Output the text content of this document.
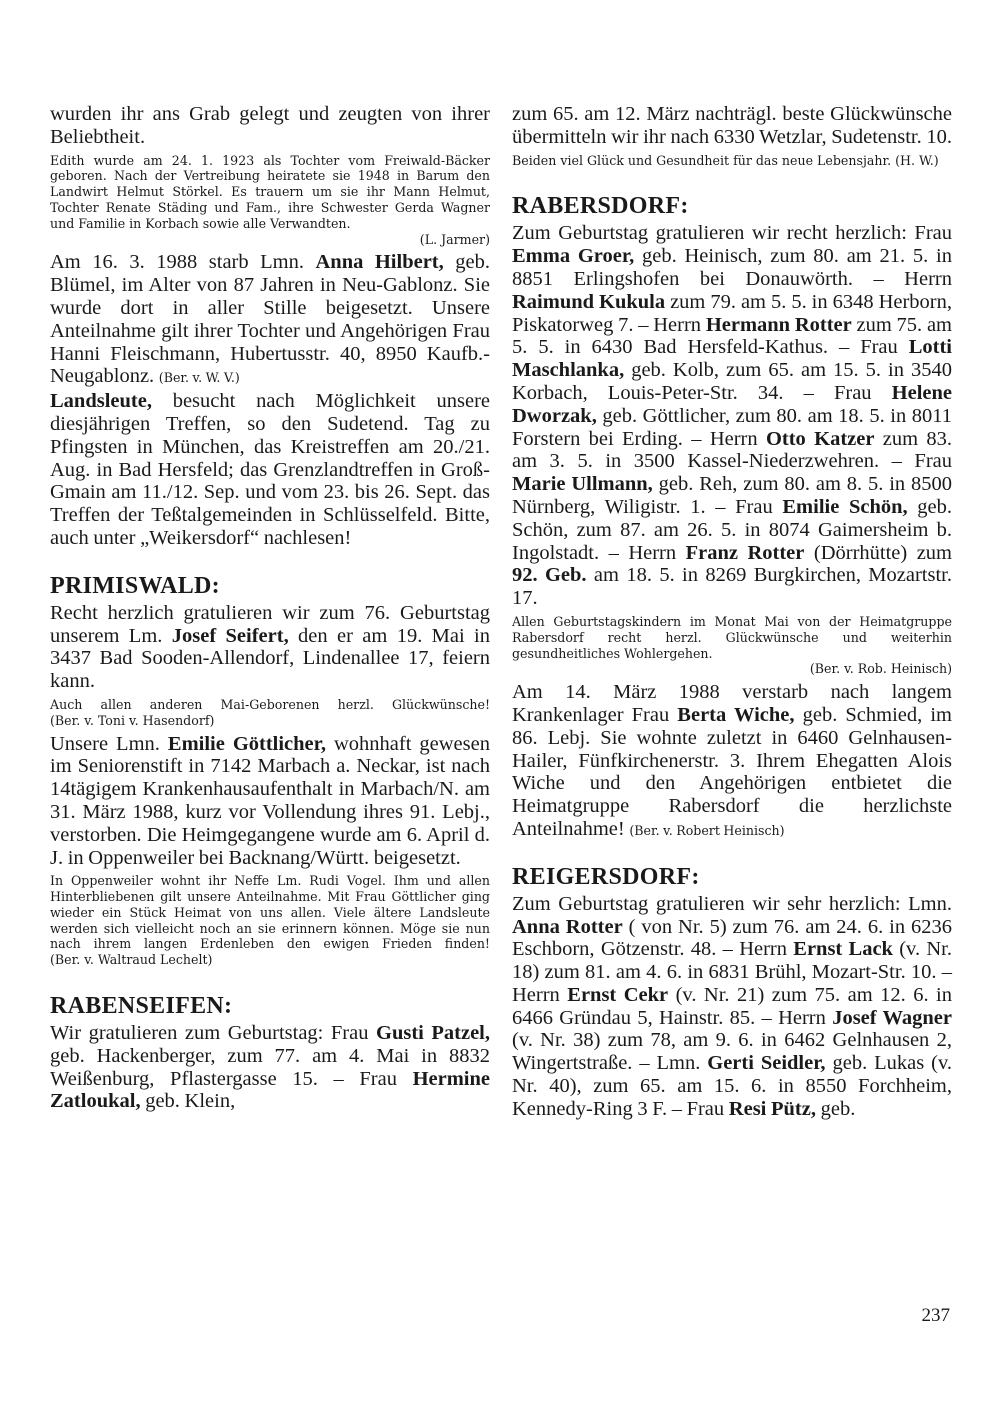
wurden ihr ans Grab gelegt und zeugten von ihrer Beliebtheit.

Edith wurde am 24. 1. 1923 als Tochter vom Freiwald-Bäcker geboren. Nach der Vertreibung heiratete sie 1948 in Barum den Landwirt Helmut Störkel. Es trauern um sie ihr Mann Helmut, Tochter Renate Städing und Fam., ihre Schwester Gerda Wagner und Familie in Korbach sowie alle Verwandten.
(L. Jarmer)

Am 16. 3. 1988 starb Lmn. Anna Hilbert, geb. Blümel, im Alter von 87 Jahren in Neu-Gablonz. Sie wurde dort in aller Stille beigesetzt. Unsere Anteilnahme gilt ihrer Tochter und Angehörigen Frau Hanni Fleischmann, Hubertusstr. 40, 8950 Kaufb.-Neugablonz. (Ber. v. W. V.)

Landsleute, besucht nach Möglichkeit unsere diesjährigen Treffen, so den Sudetend. Tag zu Pfingsten in München, das Kreistreffen am 20./21. Aug. in Bad Hersfeld; das Grenzlandtreffen in Groß-Gmain am 11./12. Sep. und vom 23. bis 26. Sept. das Treffen der Teßtalgemeinden in Schlüsselfeld. Bitte, auch unter „Weikersdorf“ nachlesen!

PRIMISWALD:

Recht herzlich gratulieren wir zum 76. Geburtstag unserem Lm. Josef Seifert, den er am 19. Mai in 3437 Bad Sooden-Allendorf, Lindenallee 17, feiern kann.

Auch allen anderen Mai-Geborenen herzl. Glückwünsche! (Ber. v. Toni v. Hasendorf)

Unsere Lmn. Emilie Göttlicher, wohnhaft gewesen im Seniorenstift in 7142 Marbach a. Neckar, ist nach 14tägigem Krankenhausaufenthalt in Marbach/N. am 31. März 1988, kurz vor Vollendung ihres 91. Lebj., verstorben. Die Heimgegangene wurde am 6. April d. J. in Oppenweiler bei Backnang/Württ. beigesetzt.

In Oppenweiler wohnt ihr Neffe Lm. Rudi Vogel. Ihm und allen Hinterbliebenen gilt unsere Anteilnahme. Mit Frau Göttlicher ging wieder ein Stück Heimat von uns allen. Viele ältere Landsleute werden sich vielleicht noch an sie erinnern können. Möge sie nun nach ihrem langen Erdenleben den ewigen Frieden finden! (Ber. v. Waltraud Lechelt)

RABENSEIFEN:

Wir gratulieren zum Geburtstag: Frau Gusti Patzel, geb. Hackenberger, zum 77. am 4. Mai in 8832 Weißenburg, Pflastergasse 15. – Frau Hermine Zatloukal, geb. Klein,

zum 65. am 12. März nachträgl. beste Glückwünsche übermitteln wir ihr nach 6330 Wetzlar, Sudetenstr. 10.

Beiden viel Glück und Gesundheit für das neue Lebensjahr. (H. W.)

RABERSDORF:

Zum Geburtstag gratulieren wir recht herzlich: Frau Emma Groer, geb. Heinisch, zum 80. am 21. 5. in 8851 Erlingshofen bei Donauwörth. – Herrn Raimund Kukula zum 79. am 5. 5. in 6348 Herborn, Piskatorweg 7. – Herrn Hermann Rotter zum 75. am 5. 5. in 6430 Bad Hersfeld-Kathus. – Frau Lotti Maschlanka, geb. Kolb, zum 65. am 15. 5. in 3540 Korbach, Louis-Peter-Str. 34. – Frau Helene Dworzak, geb. Göttlicher, zum 80. am 18. 5. in 8011 Forstern bei Erding. – Herrn Otto Katzer zum 83. am 3. 5. in 3500 Kassel-Niederzwehren. – Frau Marie Ullmann, geb. Reh, zum 80. am 8. 5. in 8500 Nürnberg, Wiligistr. 1. – Frau Emilie Schön, geb. Schön, zum 87. am 26. 5. in 8074 Gaimersheim b. Ingolstadt. – Herrn Franz Rotter (Dörrhütte) zum 92. Geb. am 18. 5. in 8269 Burgkirchen, Mozartstr. 17.

Allen Geburtstagskindern im Monat Mai von der Heimatgruppe Rabersdorf recht herzl. Glückwünsche und weiterhin gesundheitliches Wohlergehen.
(Ber. v. Rob. Heinisch)

Am 14. März 1988 verstarb nach langem Krankenlager Frau Berta Wiche, geb. Schmied, im 86. Lebj. Sie wohnte zuletzt in 6460 Gelnhausen-Hailer, Fünfkirchenerstr. 3. Ihrem Ehegatten Alois Wiche und den Angehörigen entbietet die Heimatgruppe Rabersdorf die herzlichste Anteilnahme! (Ber. v. Robert Heinisch)

REIGERSDORF:

Zum Geburtstag gratulieren wir sehr herzlich: Lmn. Anna Rotter ( von Nr. 5) zum 76. am 24. 6. in 6236 Eschborn, Götzenstr. 48. – Herrn Ernst Lack (v. Nr. 18) zum 81. am 4. 6. in 6831 Brühl, Mozart-Str. 10. – Herrn Ernst Cekr (v. Nr. 21) zum 75. am 12. 6. in 6466 Gründau 5, Hainstr. 85. – Herrn Josef Wagner (v. Nr. 38) zum 78, am 9. 6. in 6462 Gelnhausen 2, Wingertstraße. – Lmn. Gerti Seidler, geb. Lukas (v. Nr. 40), zum 65. am 15. 6. in 8550 Forchheim, Kennedy-Ring 3 F. – Frau Resi Pütz, geb.

237
